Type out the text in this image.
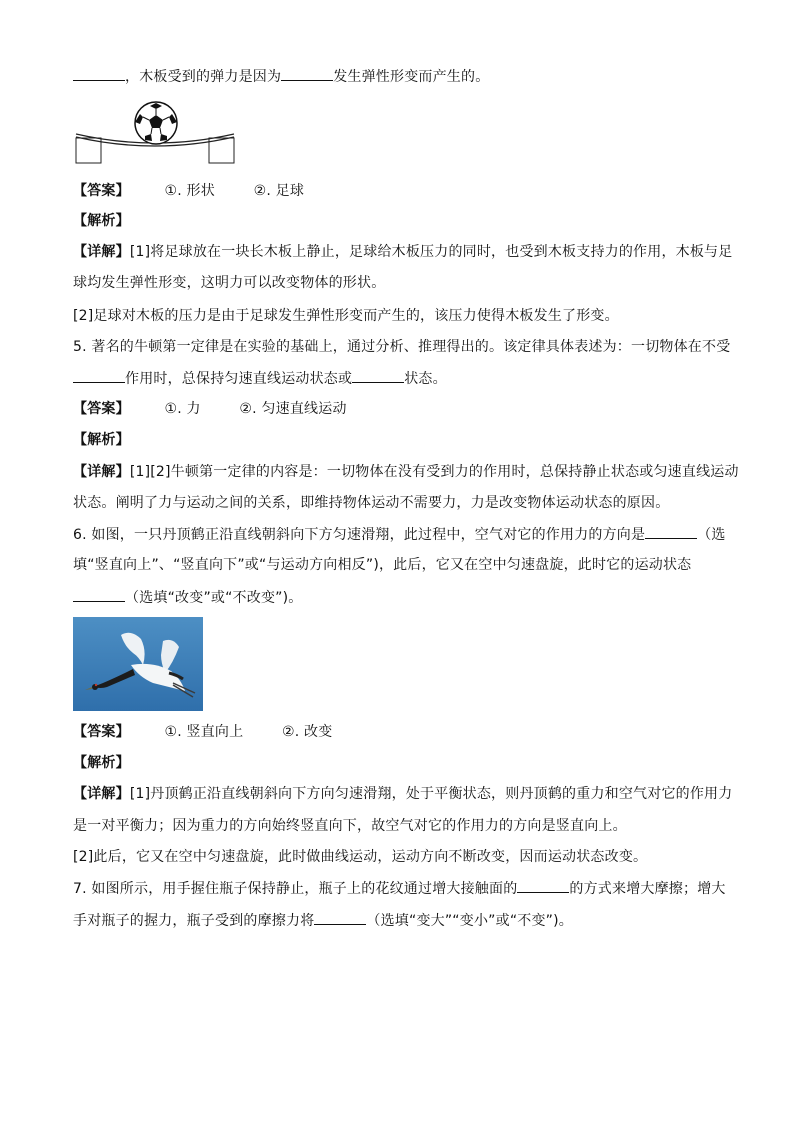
，木板受到的弹力是因为	发生弹性形变而产生的。
【答案】 ①. 形状	②. 足球
【解析】
【详解】[1]将足球放在一块长木板上静止，足球给木板压力的同时，也受到木板支持力的作用，木板与足
球均发生弹性形变，这明力可以改变物体的形状。
[2]足球对木板的压力是由于足球发生弹性形变而产生的，该压力使得木板发生了形变。
5. 著名的牛顿第一定律是在实验的基础上，通过分析、推理得出的。该定律具体表述为：一切物体在不受
作用时，总保持匀速直线运动状态或	状态。
【答案】 ①. 力	②. 匀速直线运动
【解析】
【详解】[1][2]牛顿第一定律的内容是：一切物体在没有受到力的作用时，总保持静止状态或匀速直线运动
状态。阐明了力与运动之间的关系，即维持物体运动不需要力，力是改变物体运动状态的原因。
6. 如图，一只丹顶鹤正沿直线朝斜向下方匀速滑翔，此过程中，空气对它的作用力的方向是	（选
填“竖直向上”、“竖直向下”或“与运动方向相反”)，此后，它又在空中匀速盘旋，此时它的运动状态
（选填“改变”或“不改变”)。
【答案】 ①. 竖直向上	②. 改变
【解析】
【详解】[1]丹顶鹤正沿直线朝斜向下方向匀速滑翔，处于平衡状态，则丹顶鹤的重力和空气对它的作用力
是一对平衡力；因为重力的方向始终竖直向下，故空气对它的作用力的方向是竖直向上。
[2]此后，它又在空中匀速盘旋，此时做曲线运动，运动方向不断改变，因而运动状态改变。
7. 如图所示，用手握住瓶子保持静止，瓶子上的花纹通过增大接触面的	的方式来增大摩擦；增大
手对瓶子的握力，瓶子受到的摩擦力将	（选填“变大”“变小”或“不变”)。
